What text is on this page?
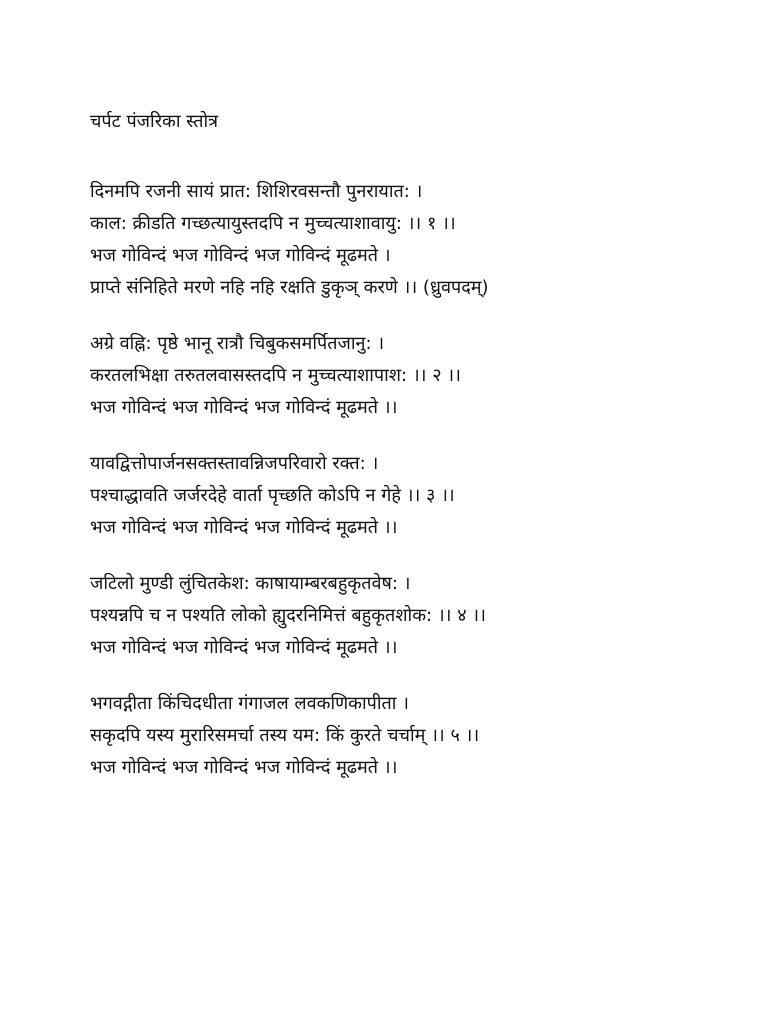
चर्पट पंजरिका स्तोत्र
दिनमपि रजनी सायं प्रात: शिशिरवसन्तौ पुनरायात: ।
काल: क्रीडति गच्छत्यायुस्तदपि न मुच्चत्याशावायु: ।। १ ।।
भज गोविन्दं भज गोविन्दं भज गोविन्दं मूढमते ।
प्राप्ते संनिहिते मरणे नहि नहि रक्षति डुकृञ् करणे ।। (ध्रुवपदम्)
अग्रे वह्नि: पृष्ठे भानू रात्रौ चिबुकसमर्पितजानु: ।
करतलभिक्षा तरुतलवासस्तदपि न मुच्चत्याशापाश: ।। २ ।।
भज गोविन्दं भज गोविन्दं भज गोविन्दं मूढमते ।।
यावद्वित्तोपार्जनसक्तस्तावन्निजपरिवारो रक्त: ।
पश्चाद्धावति जर्जरदेहे वार्ता पृच्छति कोऽपि न गेहे ।। ३ ।।
भज गोविन्दं भज गोविन्दं भज गोविन्दं मूढमते ।।
जटिलो मुण्डी लुंचितकेश: काषायाम्बरबहुकृतवेष: ।
पश्यन्नपि च न पश्यति लोको ह्युदरनिमित्तं बहुकृतशोक: ।। ४ ।।
भज गोविन्दं भज गोविन्दं भज गोविन्दं मूढमते ।।
भगवद्गीता किंचिदधीता गंगाजल लवकणिकापीता ।
सकृदपि यस्य मुरारिसमर्चा तस्य यम: किं कुरते चर्चाम् ।। ५ ।।
भज गोविन्दं भज गोविन्दं भज गोविन्दं मूढमते ।।
